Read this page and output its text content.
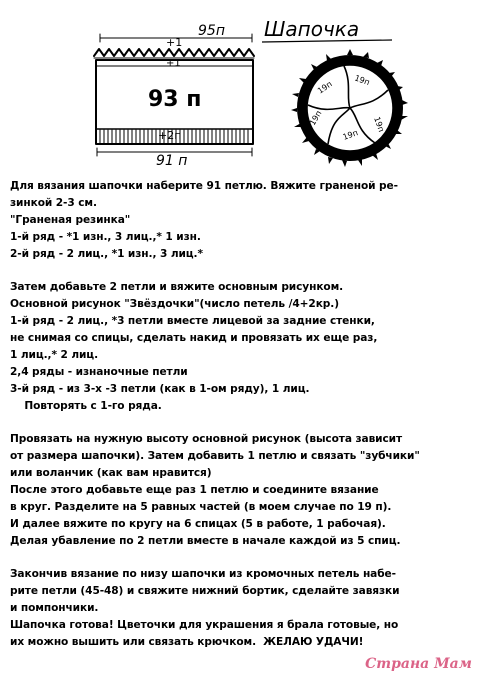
+1
95п
+1
93 п
+2п
91 п
Шапочка
19п
19п
19п
19п
19п
Для вязания шапочки наберите 91 петлю. Вяжите граненой ре-
зинкой 2-3 см.
"Граненая резинка"
1-й ряд - *1 изн., 3 лиц.,* 1 изн.
2-й ряд - 2 лиц., *1 изн., 3 лиц.*
Затем добавьте 2 петли и вяжите основным рисунком.
Основной рисунок "Звёздочки"(число петель /4+2кр.)
1-й ряд - 2 лиц., *3 петли вместе лицевой за задние стенки,
не снимая со спицы, сделать накид и провязать их еще раз,
1 лиц.,* 2 лиц.
2,4 ряды - изнаночные петли
3-й ряд - из 3-х -3 петли (как в 1-ом ряду), 1 лиц.
Повторять с 1-го ряда.
Провязать на нужную высоту основной рисунок (высота зависит
от размера шапочки). Затем добавить 1 петлю и связать "зубчики"
или воланчик (как вам нравится)
После этого добавьте еще раз 1 петлю и соедините вязание
в круг. Разделите на 5 равных частей (в моем случае по 19 п).
И далее вяжите по кругу на 6 спицах (5 в работе, 1 рабочая).
Делая убавление по 2 петли вместе в начале каждой из 5 спиц.
Закончив вязание по низу шапочки из кромочных петель набе-
рите петли (45-48) и свяжите нижний бортик, сделайте завязки
и помпончики.
Шапочка готова! Цветочки для украшения я брала готовые, но
их можно вышить или связать крючком.  ЖЕЛАЮ УДАЧИ!
Страна Мам
